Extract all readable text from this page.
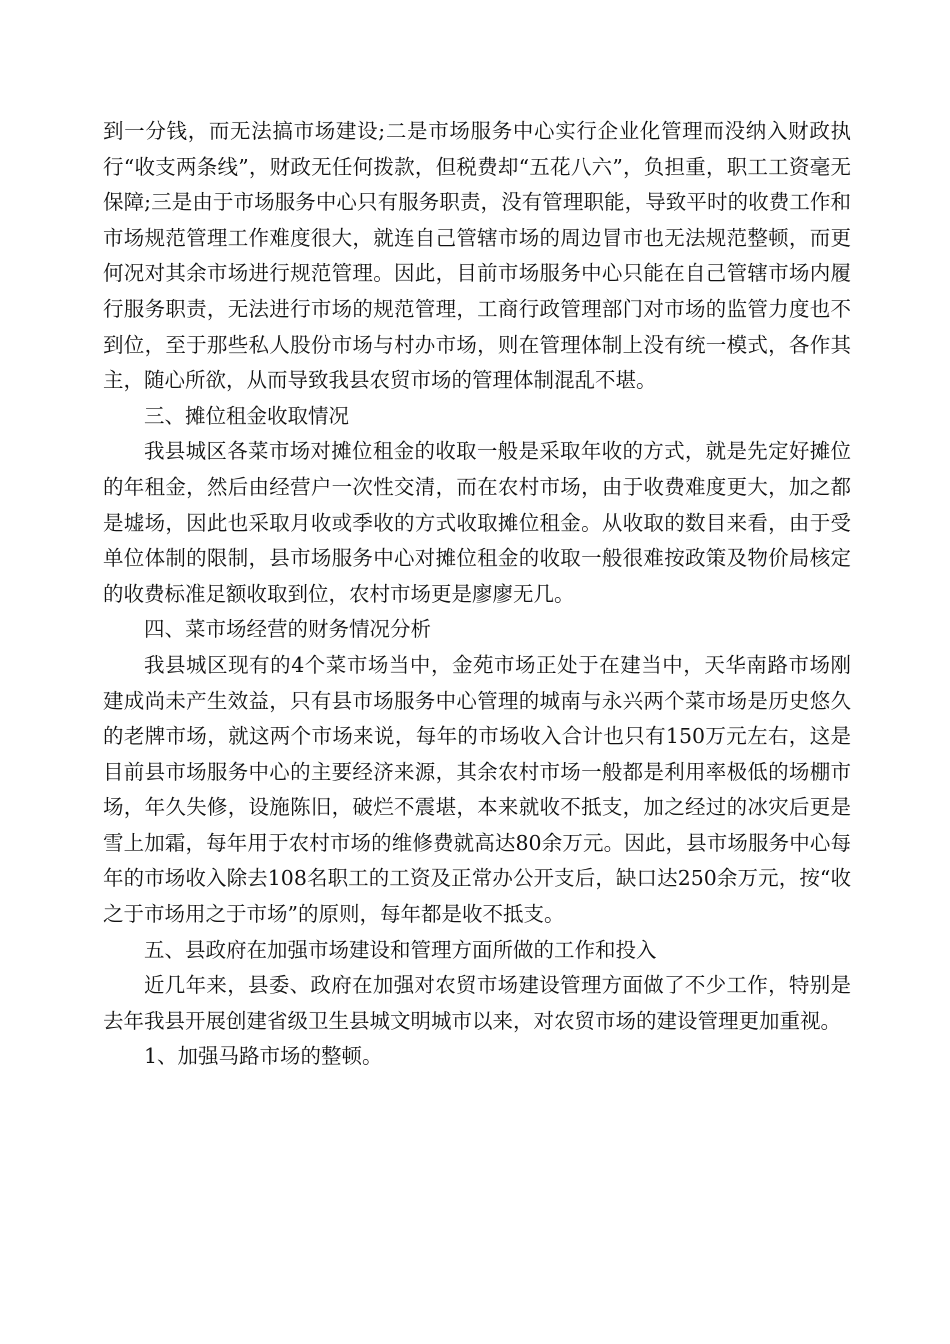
到一分钱，而无法搞市场建设;二是市场服务中心实行企业化管理而没纳入财政执行“收支两条线”，财政无任何拨款，但税费却“五花八六”，负担重，职工工资毫无保障;三是由于市场服务中心只有服务职责，没有管理职能，导致平时的收费工作和市场规范管理工作难度很大，就连自己管辖市场的周边冒市也无法规范整顿，而更何况对其余市场进行规范管理。因此，目前市场服务中心只能在自己管辖市场内履行服务职责，无法进行市场的规范管理，工商行政管理部门对市场的监管力度也不到位，至于那些私人股份市场与村办市场，则在管理体制上没有统一模式，各作其主，随心所欲，从而导致我县农贸市场的管理体制混乱不堪。

三、摊位租金收取情况

我县城区各菜市场对摊位租金的收取一般是采取年收的方式，就是先定好摊位的年租金，然后由经营户一次性交清，而在农村市场，由于收费难度更大，加之都是墟场，因此也采取月收或季收的方式收取摊位租金。从收取的数目来看，由于受单位体制的限制，县市场服务中心对摊位租金的收取一般很难按政策及物价局核定的收费标准足额收取到位，农村市场更是廖廖无几。

四、菜市场经营的财务情况分析

我县城区现有的4个菜市场当中，金苑市场正处于在建当中，天华南路市场刚建成尚未产生效益，只有县市场服务中心管理的城南与永兴两个菜市场是历史悠久的老牌市场，就这两个市场来说，每年的市场收入合计也只有150万元左右，这是目前县市场服务中心的主要经济来源，其余农村市场一般都是利用率极低的场棚市场，年久失修，设施陈旧，破烂不震堪，本来就收不抵支，加之经过的冰灾后更是雪上加霜，每年用于农村市场的维修费就高达80余万元。因此，县市场服务中心每年的市场收入除去108名职工的工资及正常办公开支后，缺口达250余万元，按“收之于市场用之于市场”的原则，每年都是收不抵支。

五、县政府在加强市场建设和管理方面所做的工作和投入

近几年来，县委、政府在加强对农贸市场建设管理方面做了不少工作，特别是去年我县开展创建省级卫生县城文明城市以来，对农贸市场的建设管理更加重视。

1、加强马路市场的整顿。
